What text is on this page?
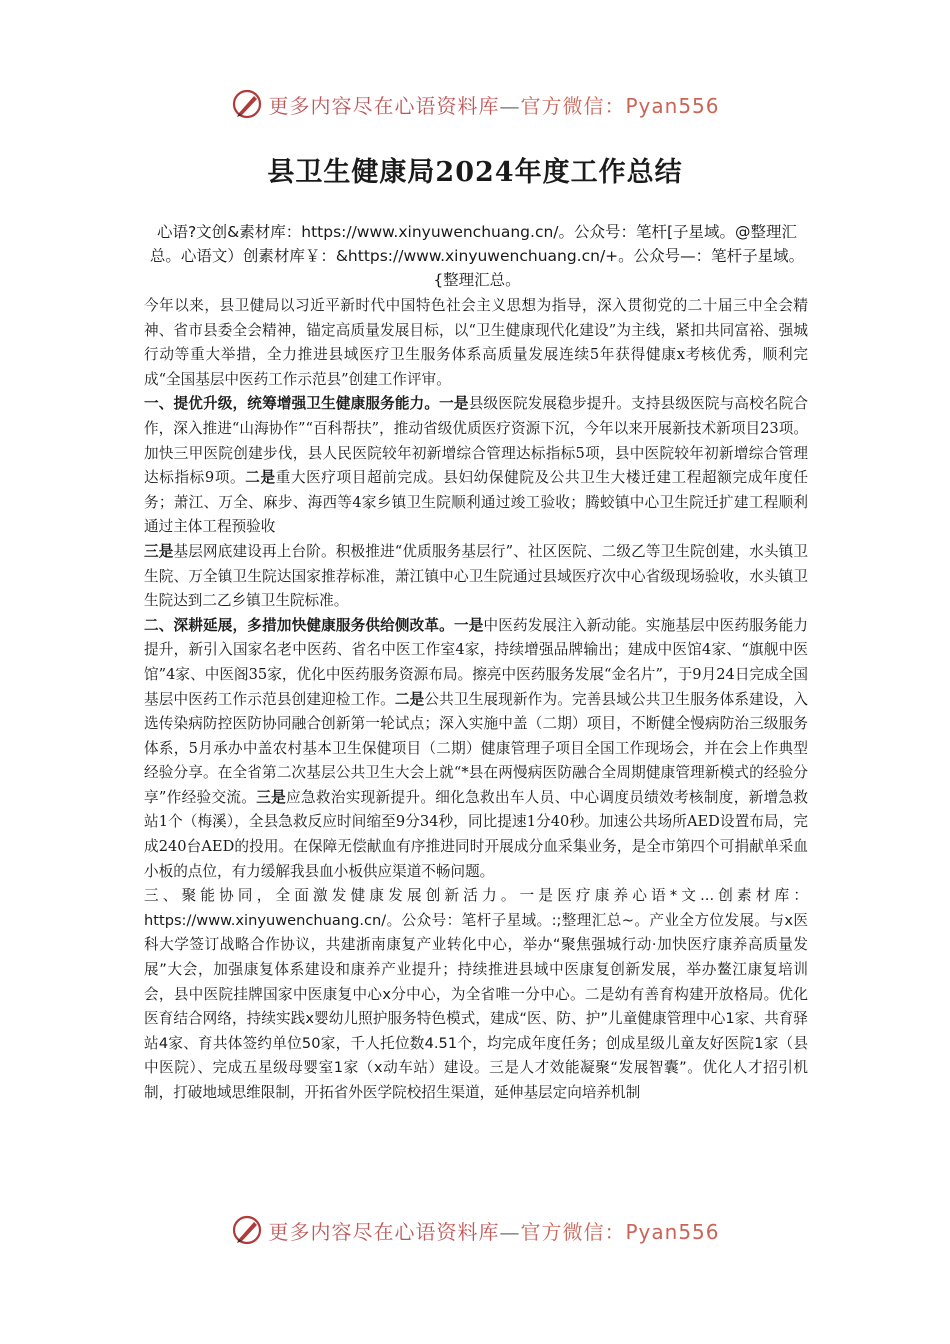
更多内容尽在心语资料库—官方微信：Pyan556
县卫生健康局2024年度工作总结
心语?文创&素材库：https://www.xinyuwenchuang.cn/。公众号：笔杆[子星域。@整理汇总。心语文）创素材库￥：&https://www.xinyuwenchuang.cn/+。公众号—：笔杆子星域。{整理汇总。

今年以来，县卫健局以习近平新时代中国特色社会主义思想为指导，深入贯彻党的二十届三中全会精神、省市县委全会精神，锚定高质量发展目标，以“卫生健康现代化建设”为主线，紧扣共同富裕、强城行动等重大举措，全力推进县域医疗卫生服务体系高质量发展连续5年获得健康x考核优秀，顺利完成“全国基层中医药工作示范县”创建工作评审。

一、提优升级，统筹增强卫生健康服务能力。一是县级医院发展稳步提升。支持县级医院与高校名院合作，深入推进“山海协作”“百科帮扶”，推动省级优质医疗资源下沉，今年以来开展新技术新项目23项。加快三甲医院创建步伐，县人民医院较年初新增综合管理达标指标5项，县中医院较年初新增综合管理达标指标9项。二是重大医疗项目超前完成。县妇幼保健院及公共卫生大楼迁建工程超额完成年度任务；萧江、万全、麻步、海西等4家乡镇卫生院顺利通过竣工验收；腾蛟镇中心卫生院迁扩建工程顺利通过主体工程预验收
三是基层网底建设再上台阶。积极推进“优质服务基层行”、社区医院、二级乙等卫生院创建，水头镇卫生院、万全镇卫生院达国家推荐标准，萧江镇中心卫生院通过县域医疗次中心省级现场验收，水头镇卫生院达到二乙乡镇卫生院标准。

二、深耕延展，多措加快健康服务供给侧改革。一是中医药发展注入新动能。实施基层中医药服务能力提升，新引入国家名老中医药、省名中医工作室4家，持续增强品牌输出；建成中医馆4家、“旗舰中医馆”4家、中医阁35家，优化中医药服务资源布局。擦亮中医药服务发展“金名片”，于9月24日完成全国基层中医药工作示范县创建迎检工作。二是公共卫生展现新作为。完善县域公共卫生服务体系建设，入选传染病防控医防协同融合创新第一轮试点；深入实施中盖（二期）项目，不断健全慢病防治三级服务体系，5月承办中盖农村基本卫生保健项目（二期）健康管理子项目全国工作现场会，并在会上作典型经验分享。在全省第二次基层公共卫生大会上就“*县在两慢病医防融合全周期健康管理新模式的经验分享”作经验交流。三是应急救治实现新提升。细化急救出车人员、中心调度员绩效考核制度，新增急救站1个（梅溪），全县急救反应时间缩至9分34秒，同比提速1分40秒。加速公共场所AED设置布局，完成240台AED的投用。在保障无偿献血有序推进同时开展成分血采集业务，是全市第四个可捐献单采血小板的点位，有力缓解我县血小板供应渠道不畅问题。

三、聚能协同，全面激发健康发展创新活力。一是医疗康养心语*文...创素材库：https://www.xinyuwenchuang.cn/。公众号：笔杆子星域。:;整理汇总~。产业全方位发展。与x医科大学签订战略合作协议，共建浙南康复产业转化中心，举办“聚焦强城行动·加快医疗康养高质量发展”大会，加强康复体系建设和康养产业提升；持续推进县域中医康复创新发展，举办鳌江康复培训会，县中医院挂牌国家中医康复中心x分中心，为全省唯一分中心。二是幼有善育构建开放格局。优化医育结合网络，持续实践x婴幼儿照护服务特色模式，建成“医、防、护”儿童健康管理中心1家、共育驿站4家、育共体签约单位50家，千人托位数4.51个，均完成年度任务；创成星级儿童友好医院1家（县中医院）、完成五星级母婴室1家（x动车站）建设。三是人才效能凝聚“发展智囊”。优化人才招引机制，打破地域思维限制，开拓省外医学院校招生渠道，延伸基层定向培养机制

更多内容尽在心语资料库—官方微信：Pyan556
